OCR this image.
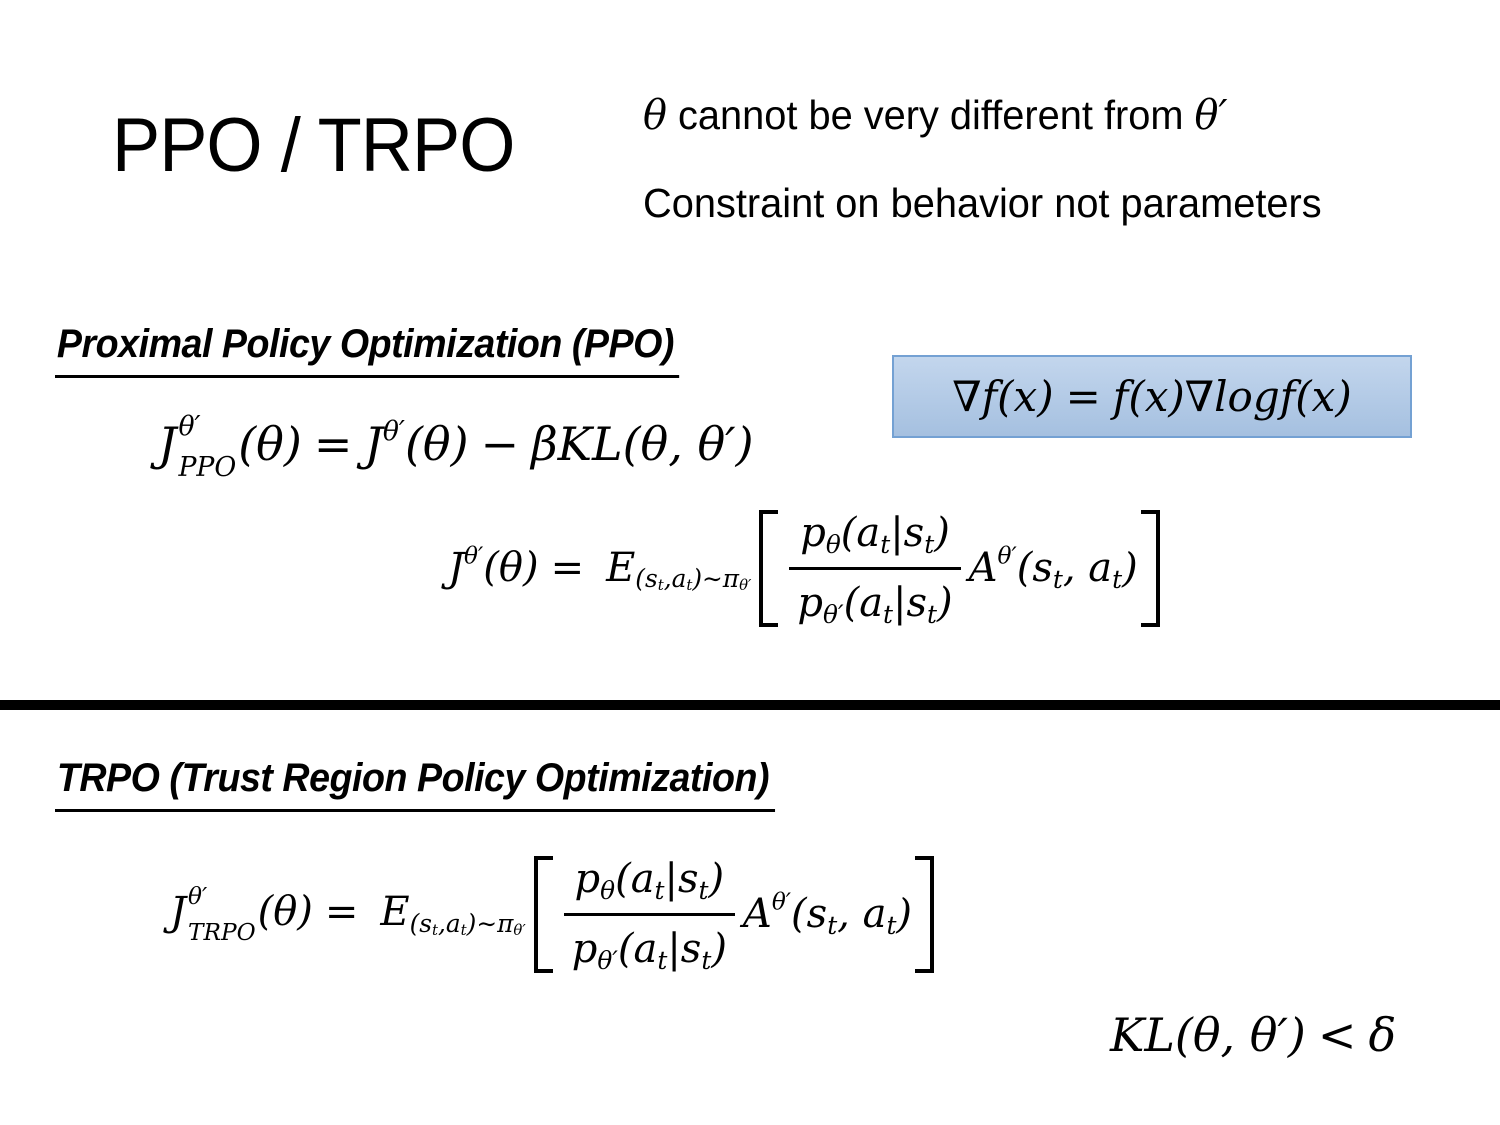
PPO / TRPO	θ cannot be very different from θ′
Constraint on behavior not parameters
Proximal Policy Optimization (PPO)
J θ′
PPO $(\theta) = J^{\theta'}(\theta) - \beta KL(\theta$, θ′)
∇f(x) = f(x)∇logf(x)
$J^{\theta'}(\theta) = E_{(st,at)\sim\pi\theta'} \frac{p_\theta(a_t|s_t)}{p_{\theta'}(a_t|s_t)} A^{\theta'}(s_t$, $a_t$)
TRPO (Trust Region Policy Optimization)
J θ′
TRPO $(\theta) = E_{(st,at)\sim\pi\theta'} \frac{p_\theta(a_t|s_t)}{p_{\theta'}(a_t|s_t)} A^{\theta'}(s_t$, $a_t$)
KL(θ, θ′) < δ
